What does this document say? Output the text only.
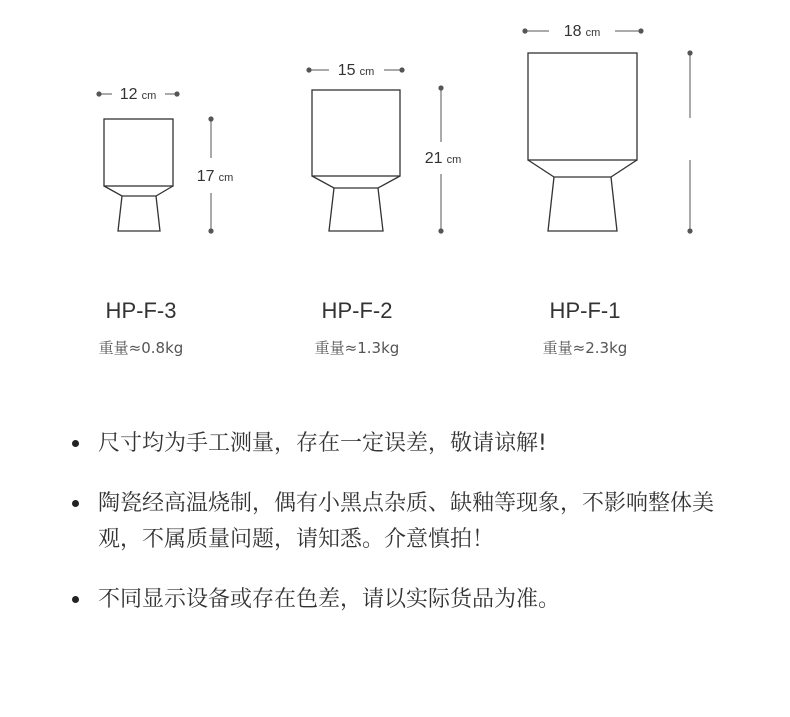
12 cm
17 cm
15 cm
21 cm
18 cm
HP-F-3	HP-F-2	HP-F-1
重量≈0.8kg	重量≈1.3kg	重量≈2.3kg
尺寸均为手工测量，存在一定误差，敬请谅解!
陶瓷经高温烧制，偶有小黑点杂质、缺釉等现象，不影响整体美观，不属质量问题，请知悉。介意慎拍！
不同显示设备或存在色差，请以实际货品为准。
